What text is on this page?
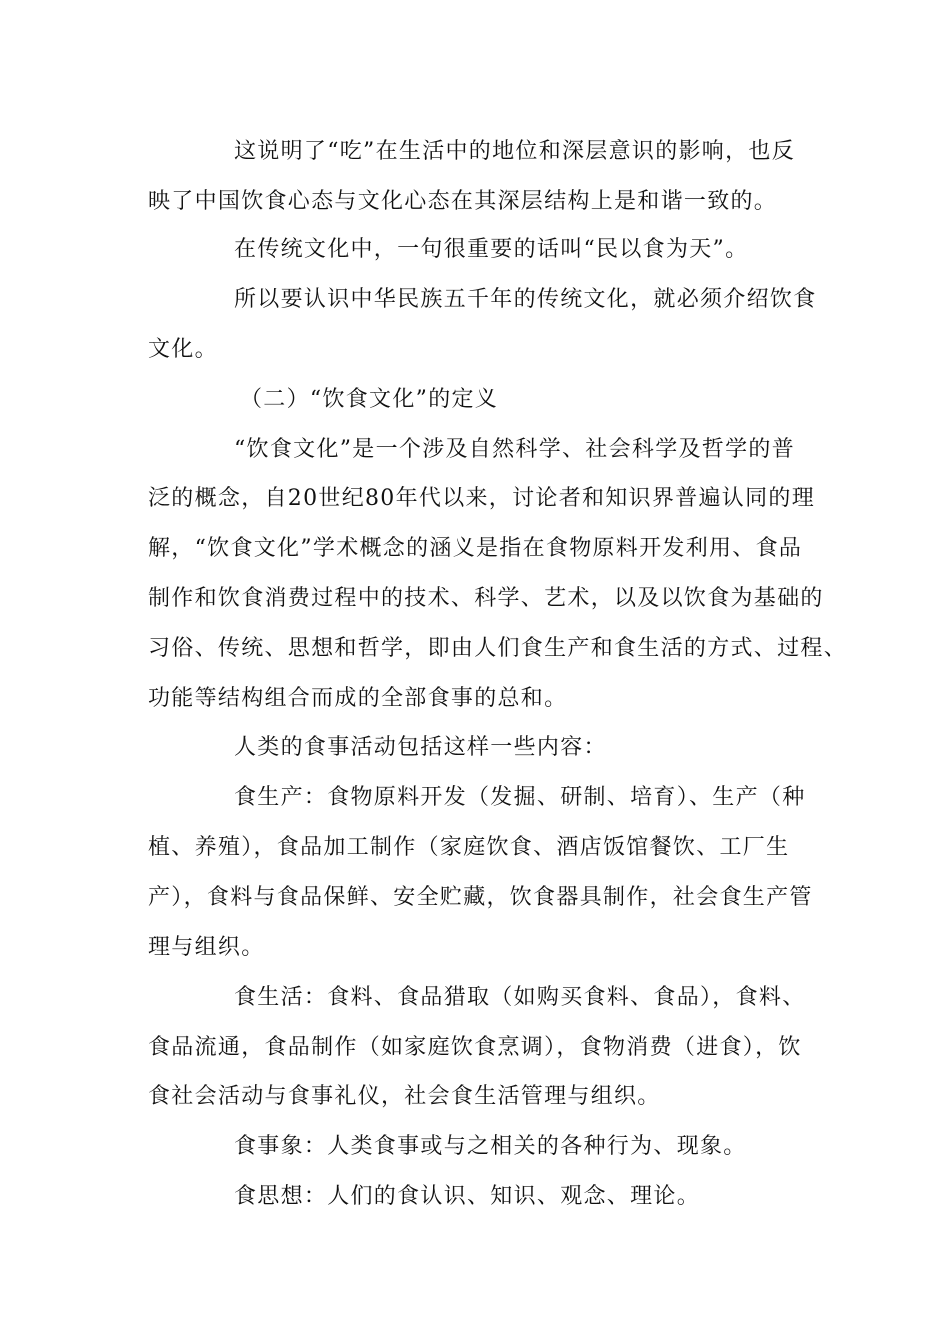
这说明了“吃”在生活中的地位和深层意识的影响，也反
映了中国饮食心态与文化心态在其深层结构上是和谐一致的。
在传统文化中，一句很重要的话叫“民以食为天”。
所以要认识中华民族五千年的传统文化，就必须介绍饮食
文化。
（二）“饮食文化”的定义
“饮食文化”是一个涉及自然科学、社会科学及哲学的普
泛的概念，自20世纪80年代以来，讨论者和知识界普遍认同的理
解，“饮食文化”学术概念的涵义是指在食物原料开发利用、食品
制作和饮食消费过程中的技术、科学、艺术，以及以饮食为基础的
习俗、传统、思想和哲学，即由人们食生产和食生活的方式、过程、
功能等结构组合而成的全部食事的总和。
人类的食事活动包括这样一些内容：
食生产：食物原料开发（发掘、研制、培育）、生产（种
植、养殖），食品加工制作（家庭饮食、酒店饭馆餐饮、工厂生
产），食料与食品保鲜、安全贮藏，饮食器具制作，社会食生产管
理与组织。
食生活：食料、食品猎取（如购买食料、食品），食料、
食品流通，食品制作（如家庭饮食烹调），食物消费（进食），饮
食社会活动与食事礼仪，社会食生活管理与组织。
食事象：人类食事或与之相关的各种行为、现象。
食思想：人们的食认识、知识、观念、理论。
